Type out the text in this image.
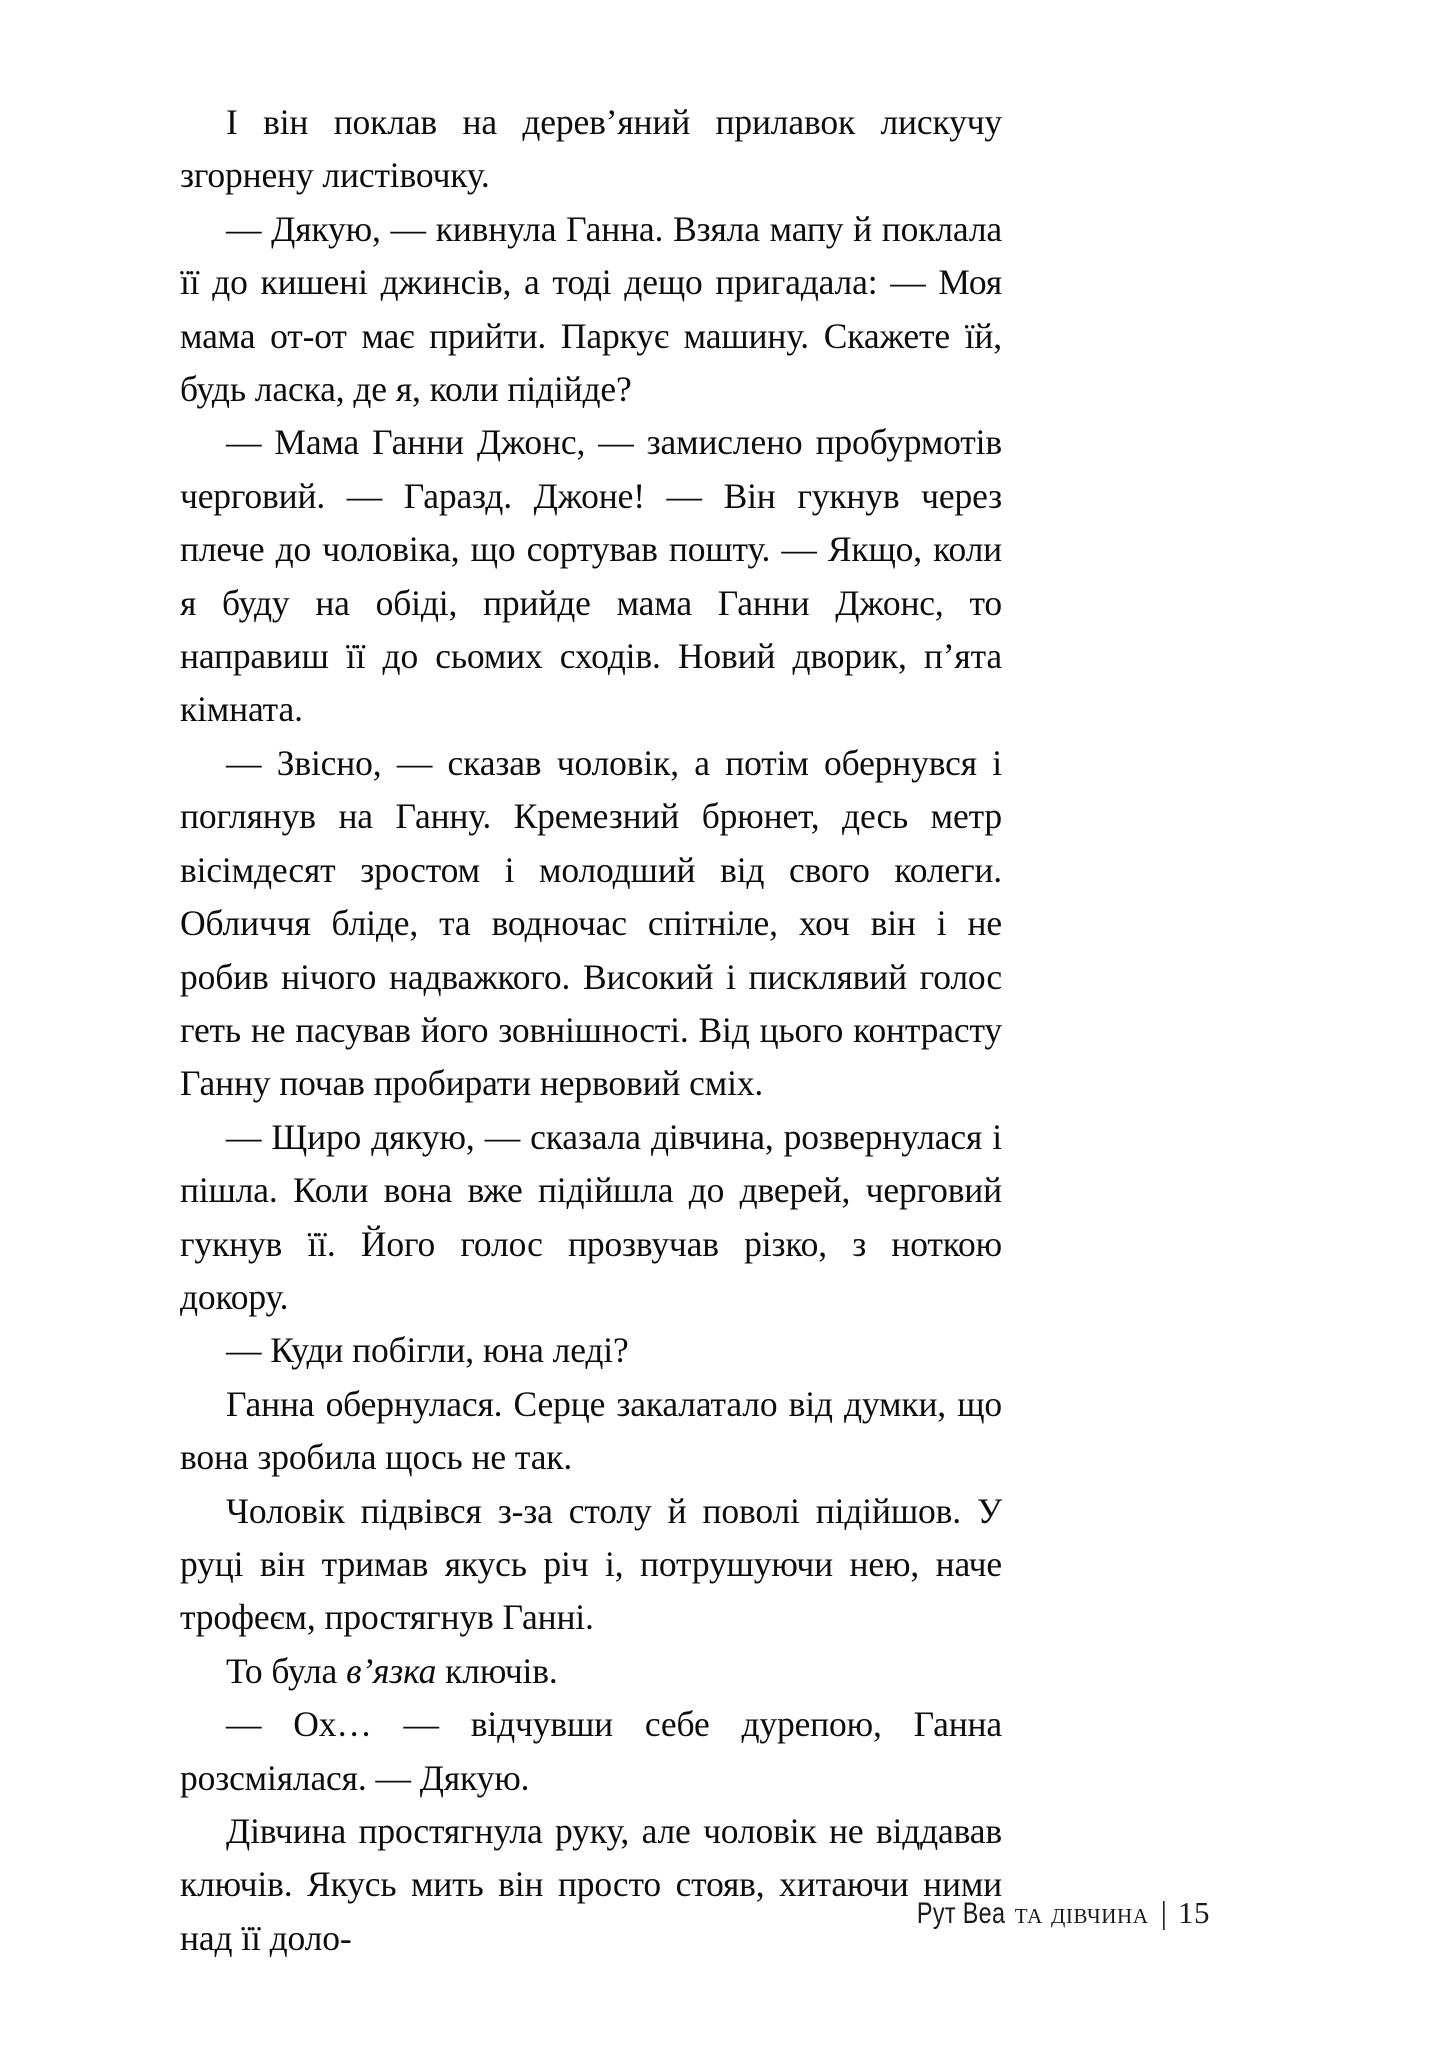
І він поклав на дерев’яний прилавок лискучу згорнену листівочку.

— Дякую, — кивнула Ганна. Взяла мапу й поклала її до кишені джинсів, а тоді дещо пригадала: — Моя мама от-от має прийти. Паркує машину. Скажете їй, будь ласка, де я, коли підійде?

— Мама Ганни Джонс, — замислено пробурмотів черговий. — Гаразд. Джоне! — Він гукнув через плече до чоловіка, що сортував пошту. — Якщо, коли я буду на обіді, прийде мама Ганни Джонс, то направиш її до сьомих сходів. Новий дворик, п’ята кімната.

— Звісно, — сказав чоловік, а потім обернувся і поглянув на Ганну. Кремезний брюнет, десь метр вісімдесят зростом і молодший від свого колеги. Обличчя бліде, та водночас спітніле, хоч він і не робив нічого надважкого. Високий і писклявий голос геть не пасував його зовнішності. Від цього контрасту Ганну почав пробирати нервовий сміх.

— Щиро дякую, — сказала дівчина, розвернулася і пішла. Коли вона вже підійшла до дверей, черговий гукнув її. Його голос прозвучав різко, з ноткою докору.

— Куди побігли, юна леді?

Ганна обернулася. Серце закалатало від думки, що вона зробила щось не так.

Чоловік підвівся з-за столу й поволі підійшов. У руці він тримав якусь річ і, потрушуючи нею, наче трофеєм, простягнув Ганні.

То була в’язка ключів.

— Ох… — відчувши себе дурепою, Ганна розсміялася. — Дякую.

Дівчина простягнула руку, але чоловік не віддавав ключів. Якусь мить він просто стояв, хитаючи ними над її доло-

Рут Веа та дівчина | 15
